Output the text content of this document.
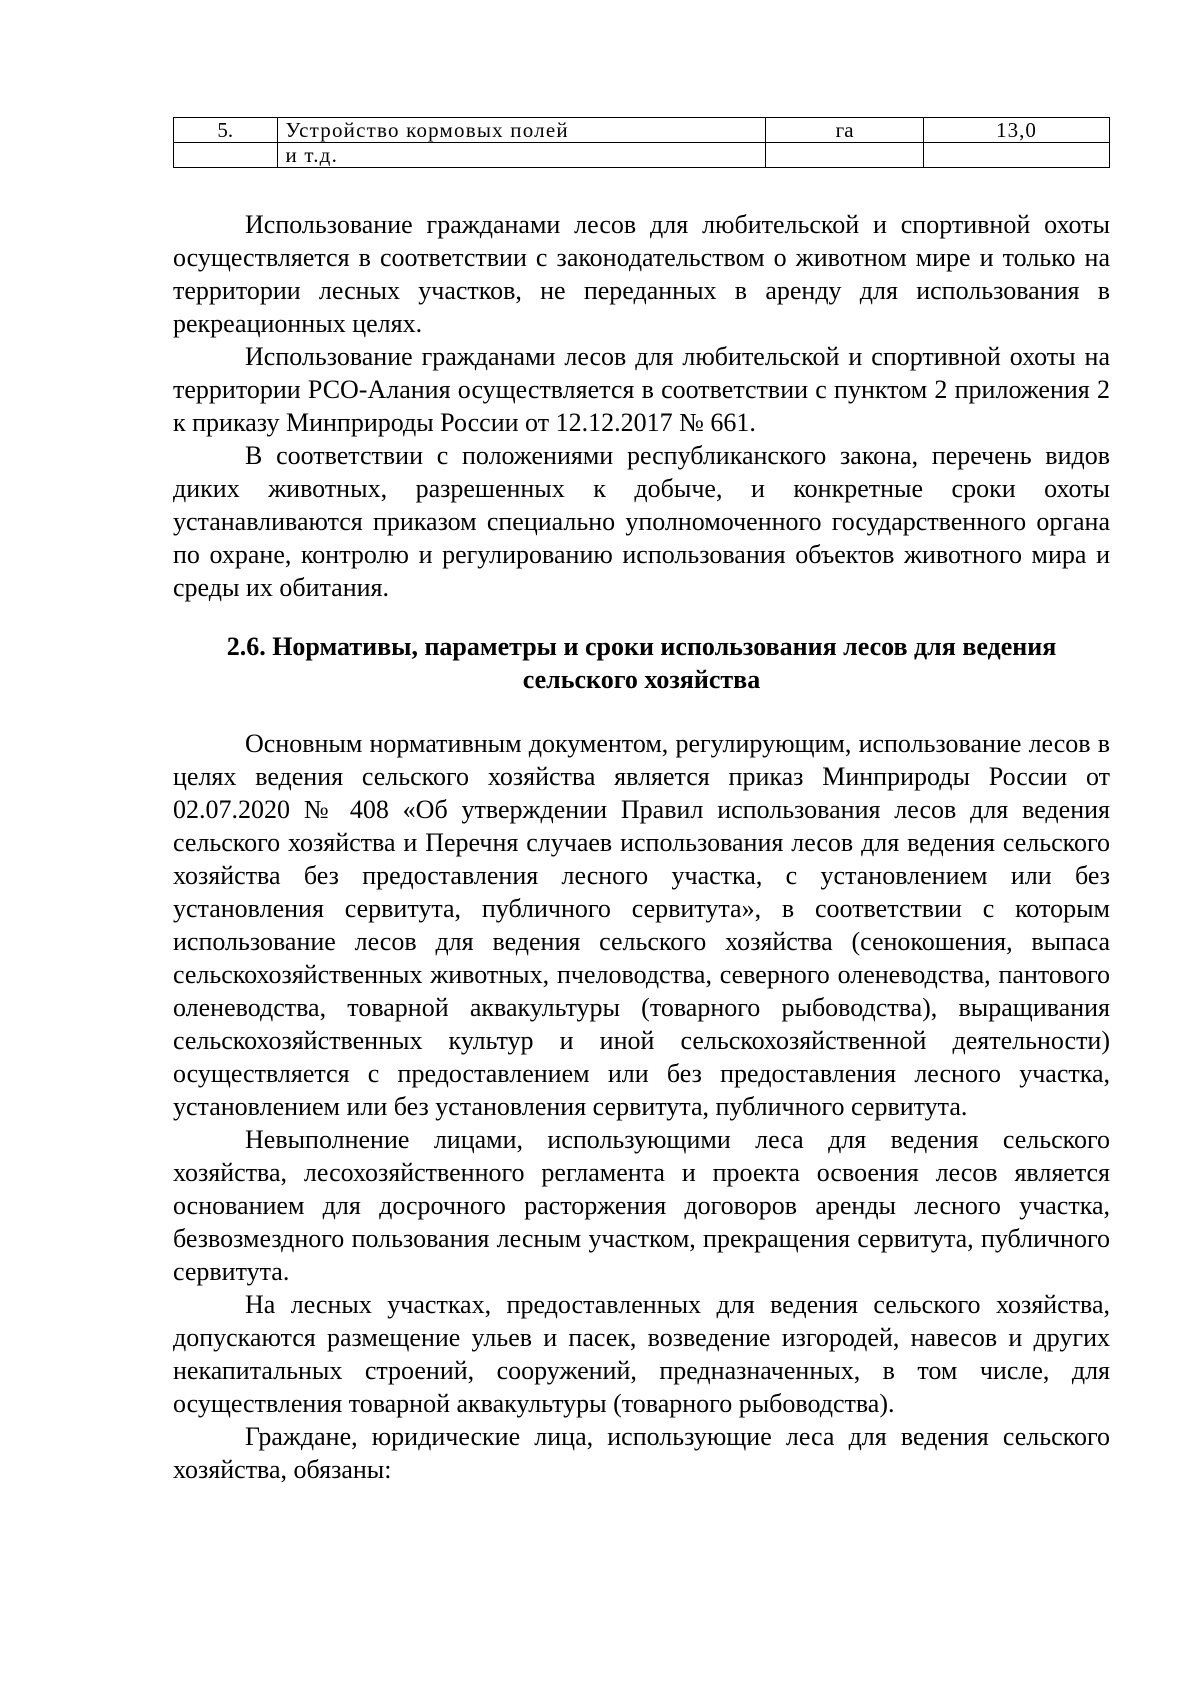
5.	Устройство кормовых полей	га	13,0
	и т.д.		

Использование гражданами лесов для любительской и спортивной охоты осуществляется в соответствии с законодательством о животном мире и только на территории лесных участков, не переданных в аренду для использования в рекреационных целях.

Использование гражданами лесов для любительской и спортивной охоты на территории РСО-Алания осуществляется в соответствии с пунктом 2 приложения 2 к приказу Минприроды России от 12.12.2017 № 661.

В соответствии с положениями республиканского закона, перечень видов диких животных, разрешенных к добыче, и конкретные сроки охоты устанавливаются приказом специально уполномоченного государственного органа по охране, контролю и регулированию использования объектов животного мира и среды их обитания.

2.6. Нормативы, параметры и сроки использования лесов для ведения
сельского хозяйства

Основным нормативным документом, регулирующим, использование лесов в целях ведения сельского хозяйства является приказ Минприроды России от 02.07.2020 № 408 «Об утверждении Правил использования лесов для ведения сельского хозяйства и Перечня случаев использования лесов для ведения сельского хозяйства без предоставления лесного участка, с установлением или без установления сервитута, публичного сервитута», в соответствии с которым использование лесов для ведения сельского хозяйства (сенокошения, выпаса сельскохозяйственных животных, пчеловодства, северного оленеводства, пантового оленеводства, товарной аквакультуры (товарного рыбоводства), выращивания сельскохозяйственных культур и иной сельскохозяйственной деятельности) осуществляется с предоставлением или без предоставления лесного участка, установлением или без установления сервитута, публичного сервитута.

Невыполнение лицами, использующими леса для ведения сельского хозяйства, лесохозяйственного регламента и проекта освоения лесов является основанием для досрочного расторжения договоров аренды лесного участка, безвозмездного пользования лесным участком, прекращения сервитута, публичного сервитута.

На лесных участках, предоставленных для ведения сельского хозяйства, допускаются размещение ульев и пасек, возведение изгородей, навесов и других некапитальных строений, сооружений, предназначенных, в том числе, для осуществления товарной аквакультуры (товарного рыбоводства).

Граждане, юридические лица, использующие леса для ведения сельского хозяйства, обязаны:
